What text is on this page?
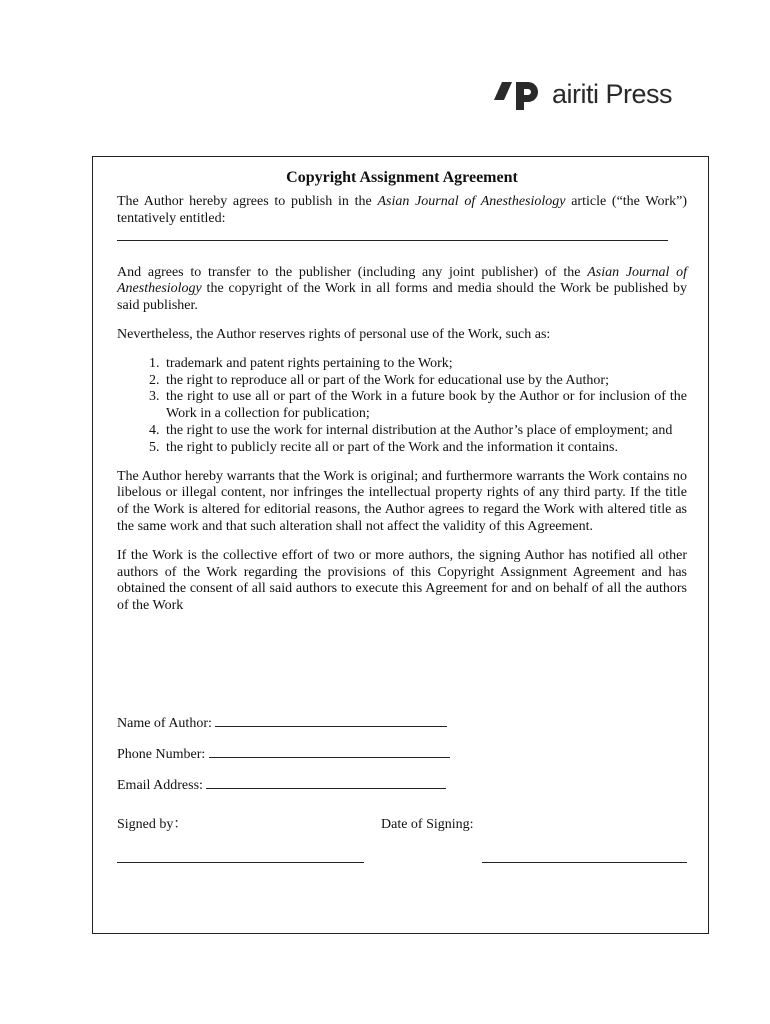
airiti Press
Copyright Assignment Agreement

The Author hereby agrees to publish in the Asian Journal of Anesthesiology article (“the Work”) tentatively entitled:

And agrees to transfer to the publisher (including any joint publisher) of the Asian Journal of Anesthesiology the copyright of the Work in all forms and media should the Work be published by said publisher.

Nevertheless, the Author reserves rights of personal use of the Work, such as:

1. trademark and patent rights pertaining to the Work;
2. the right to reproduce all or part of the Work for educational use by the Author;
3. the right to use all or part of the Work in a future book by the Author or for inclusion of the Work in a collection for publication;
4. the right to use the work for internal distribution at the Author’s place of employment; and
5. the right to publicly recite all or part of the Work and the information it contains.

The Author hereby warrants that the Work is original; and furthermore warrants the Work contains no libelous or illegal content, nor infringes the intellectual property rights of any third party. If the title of the Work is altered for editorial reasons, the Author agrees to regard the Work with altered title as the same work and that such alteration shall not affect the validity of this Agreement.

If the Work is the collective effort of two or more authors, the signing Author has notified all other authors of the Work regarding the provisions of this Copyright Assignment Agreement and has obtained the consent of all said authors to execute this Agreement for and on behalf of all the authors of the Work

Name of Author:
Phone Number:
Email Address:
Signed by：	Date of Signing:
